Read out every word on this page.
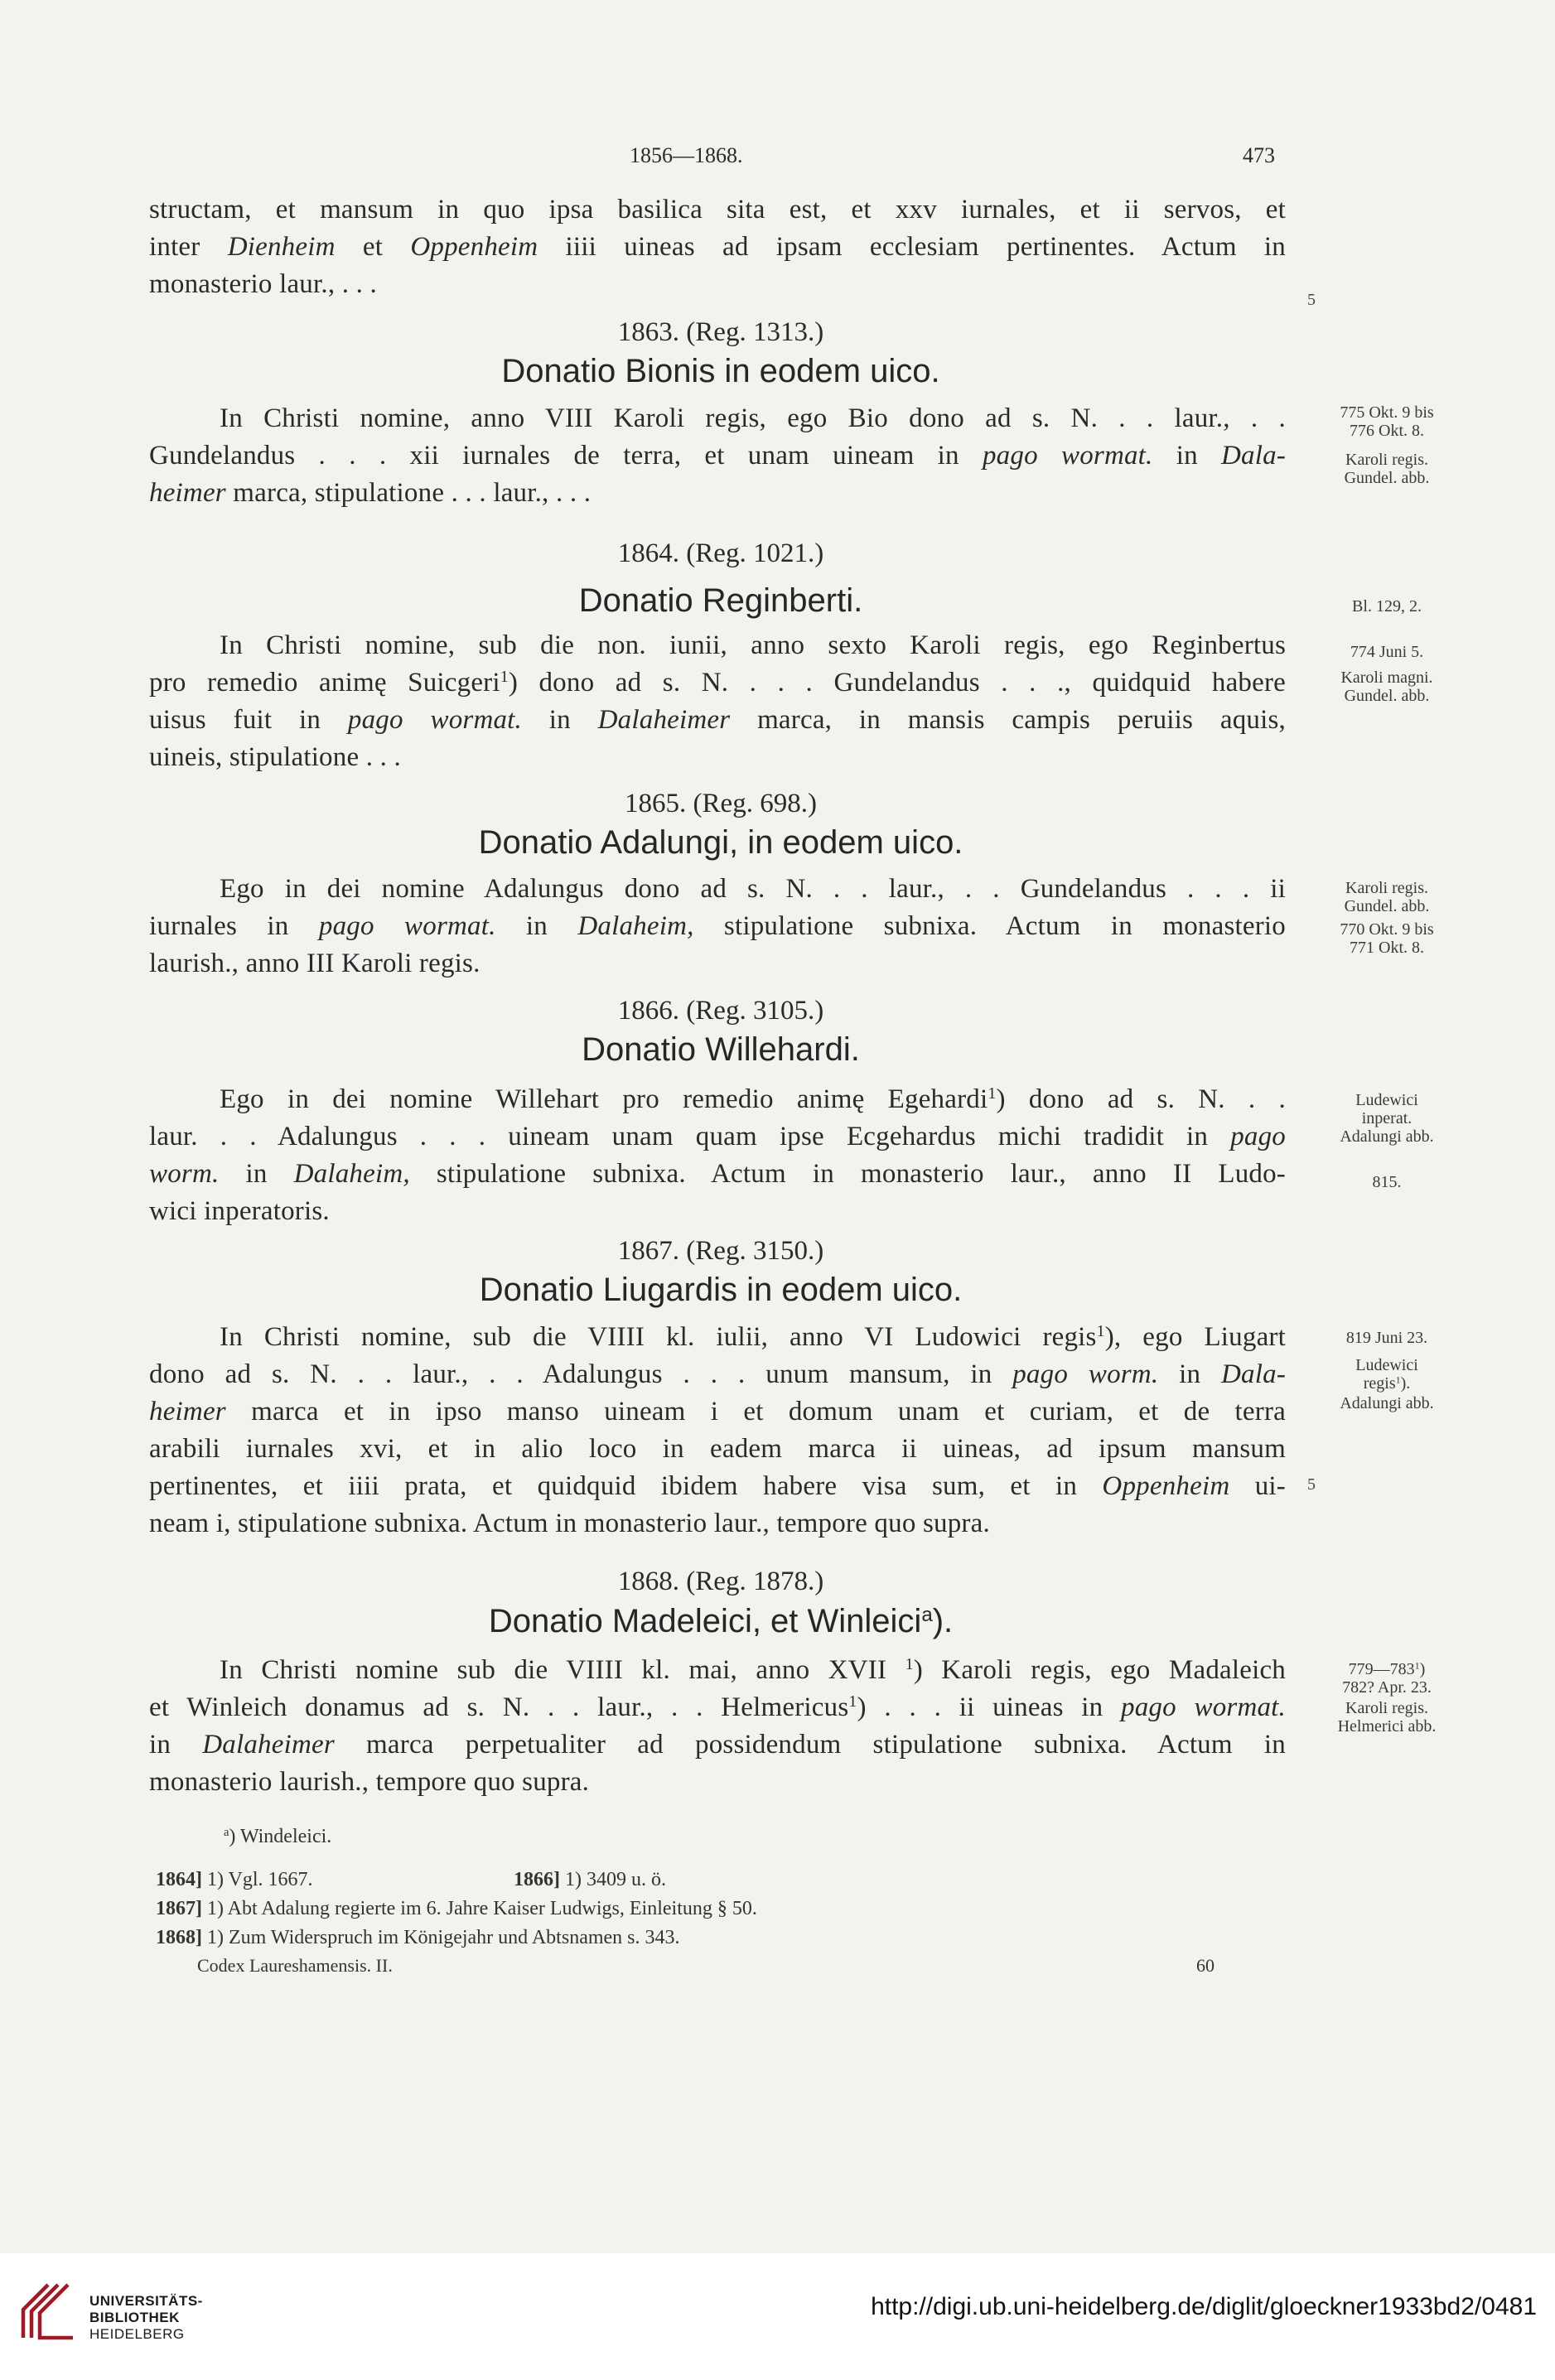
1856—1868.	473
structam, et mansum in quo ipsa basilica sita est, et xxv iurnales, et ii servos, et
inter Dienheim et Oppenheim iiii uineas ad ipsam ecclesiam pertinentes. Actum in
monasterio laur., . . .
5
1863. (Reg. 1313.)
Donatio Bionis in eodem uico.
In Christi nomine, anno VIII Karoli regis, ego Bio dono ad s. N. . . laur., . .
Gundelandus . . . xii iurnales de terra, et unam uineam in pago wormat. in Dala-
heimer marca, stipulatione . . . laur., . . .
775 Okt. 9 bis
776 Okt. 8.
Karoli regis.
Gundel. abb.
1864. (Reg. 1021.)
Donatio Reginberti.
In Christi nomine, sub die non. iunii, anno sexto Karoli regis, ego Reginbertus
pro remedio animę Suicgeri$^1$) dono ad s. N. . . . Gundelandus . . ., quidquid habere
uisus fuit in pago wormat. in Dalaheimer marca, in mansis campis peruiis aquis,
uineis, stipulatione . . .
Bl. 129, 2.
774 Juni 5.
Karoli magni.
Gundel. abb.
1865. (Reg. 698.)
Donatio Adalungi, in eodem uico.
Ego in dei nomine Adalungus dono ad s. N. . . laur., . . Gundelandus . . . ii
iurnales in pago wormat. in Dalaheim, stipulatione subnixa. Actum in monasterio
laurish., anno III Karoli regis.
Karoli regis.
Gundel. abb.
770 Okt. 9 bis
771 Okt. 8.
1866. (Reg. 3105.)
Donatio Willehardi.
Ego in dei nomine Willehart pro remedio animę Egehardi$^1$) dono ad s. N. . .
laur. . . Adalungus . . . uineam unam quam ipse Ecgehardus michi tradidit in pago
worm. in Dalaheim, stipulatione subnixa. Actum in monasterio laur., anno II Ludo-
wici inperatoris.
Ludewici
inperat.
Adalungi abb.
815.
1867. (Reg. 3150.)
Donatio Liugardis in eodem uico.
In Christi nomine, sub die VIIII kl. iulii, anno VI Ludowici regis$^1$), ego Liugart
dono ad s. N. . . laur., . . Adalungus . . . unum mansum, in pago worm. in Dala-
heimer marca et in ipso manso uineam i et domum unam et curiam, et de terra
arabili iurnales xvi, et in alio loco in eadem marca ii uineas, ad ipsum mansum
pertinentes, et iiii prata, et quidquid ibidem habere visa sum, et in Oppenheim ui-
neam i, stipulatione subnixa. Actum in monasterio laur., tempore quo supra.
5
819 Juni 23.
Ludewici
regis$^1$).
Adalungi abb.
1868. (Reg. 1878.)
Donatio Madeleici, et Winleici$^a$).
In Christi nomine sub die VIIII kl. mai, anno XVII $^1$) Karoli regis, ego Madaleich
et Winleich donamus ad s. N. . . laur., . . Helmericus$^1$) . . . ii uineas in pago wormat.
in Dalaheimer marca perpetualiter ad possidendum stipulatione subnixa. Actum in
monasterio laurish., tempore quo supra.
$779—783^1$)
782? Apr. 23.
Karoli regis.
Helmerici abb.
$^a$) Windeleici.
1864] 1) Vgl. 1667.	1866] 1) 3409 u. ö.
1867] 1) Abt Adalung regierte im 6. Jahre Kaiser Ludwigs, Einleitung § 50.
1868] 1) Zum Widerspruch im Königejahr und Abtsnamen s. 343.
Codex Laureshamensis. II.	60
UNIVERSITÄTS-
BIBLIOTHEK
HEIDELBERG
http://digi.ub.uni-heidelberg.de/diglit/gloeckner1933bd2/0481
